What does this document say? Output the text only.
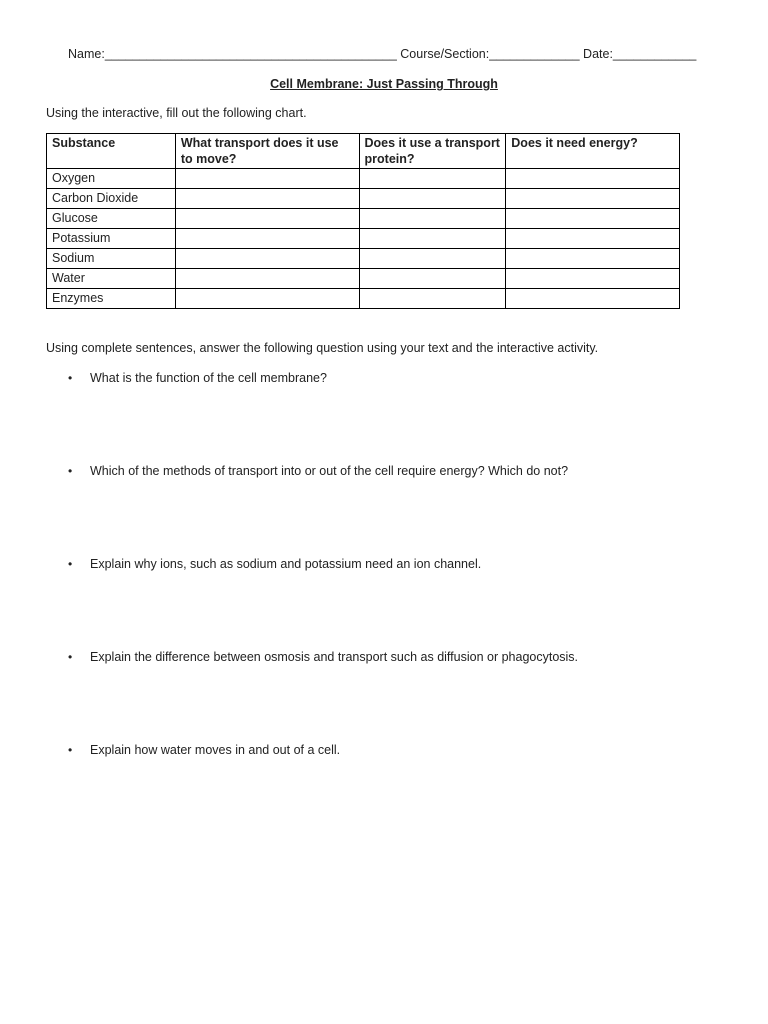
Name:__________________________________________ Course/Section:_____________ Date:____________
Cell Membrane: Just Passing Through
Using the interactive, fill out the following chart.
Substance	What transport does it use to move?	Does it use a transport protein?	Does it need energy?
Oxygen			
Carbon Dioxide			
Glucose			
Potassium			
Sodium			
Water			
Enzymes			
Using complete sentences, answer the following question using your text and the interactive activity.
•	What is the function of the cell membrane?
•	Which of the methods of transport into or out of the cell require energy? Which do not?
•	Explain why ions, such as sodium and potassium need an ion channel.
•	Explain the difference between osmosis and transport such as diffusion or phagocytosis.
•	Explain how water moves in and out of a cell.
